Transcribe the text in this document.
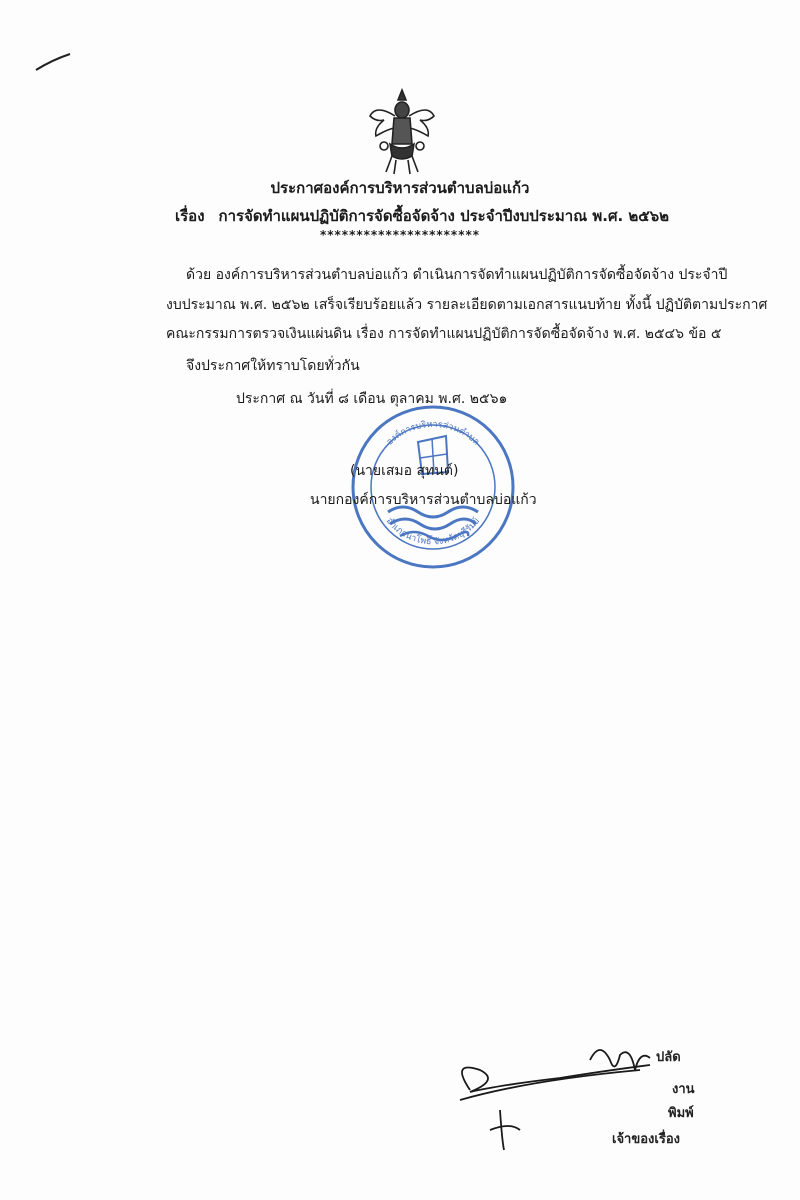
ประกาศองค์การบริหารส่วนตำบลบ่อแก้ว
เรื่อง การจัดทำแผนปฏิบัติการจัดซื้อจัดจ้าง ประจำปีงบประมาณ พ.ศ. ๒๕๖๒
**********************
ด้วย องค์การบริหารส่วนตำบลบ่อแก้ว ดำเนินการจัดทำแผนปฏิบัติการจัดซื้อจัดจ้าง ประจำปี
งบประมาณ พ.ศ. ๒๕๖๒ เสร็จเรียบร้อยแล้ว รายละเอียดตามเอกสารแนบท้าย ทั้งนี้ ปฏิบัติตามประกาศ
คณะกรรมการตรวจเงินแผ่นดิน เรื่อง การจัดทำแผนปฏิบัติการจัดซื้อจัดจ้าง พ.ศ. ๒๕๔๖ ข้อ ๕
จึงประกาศให้ทราบโดยทั่วกัน
ประกาศ ณ วันที่ ๘ เดือน ตุลาคม พ.ศ. ๒๕๖๑
องค์การบริหารส่วนตำบล
อำเภอนาโพธิ์ จังหวัดบุรีรัมย์
(นายเสมอ สุทนต์)
นายกองค์การบริหารส่วนตำบลบ่อแก้ว
ปลัด
งาน
พิมพ์
เจ้าของเรื่อง
